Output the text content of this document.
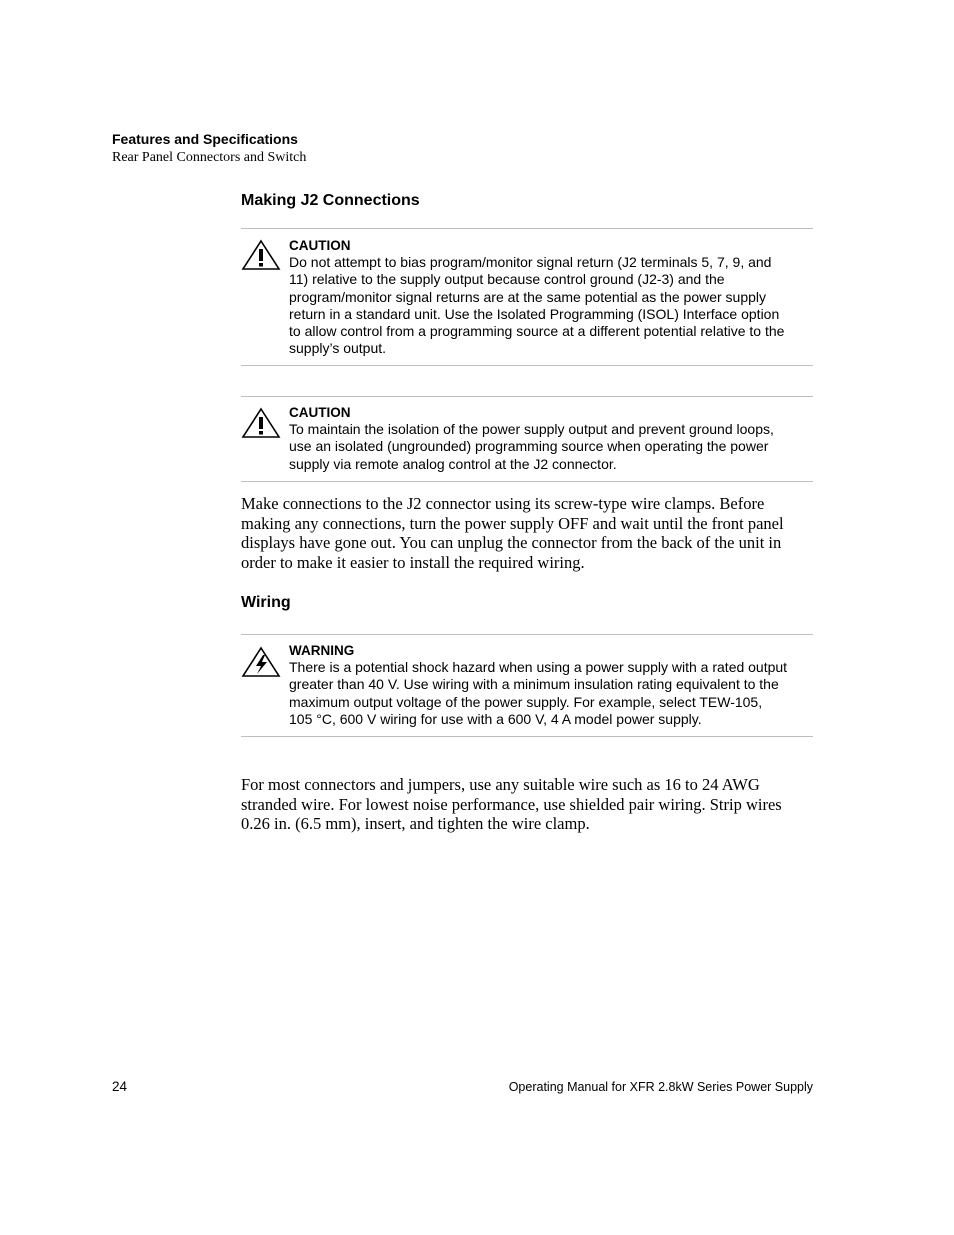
Features and Specifications
Rear Panel Connectors and Switch
Making J2 Connections
CAUTION
Do not attempt to bias program/monitor signal return (J2 terminals 5, 7, 9, and
11) relative to the supply output because control ground (J2-3) and the
program/monitor signal returns are at the same potential as the power supply
return in a standard unit. Use the Isolated Programming (ISOL) Interface option
to allow control from a programming source at a different potential relative to the
supply’s output.
CAUTION
To maintain the isolation of the power supply output and prevent ground loops,
use an isolated (ungrounded) programming source when operating the power
supply via remote analog control at the J2 connector.
Make connections to the J2 connector using its screw-type wire clamps. Before
making any connections, turn the power supply OFF and wait until the front panel
displays have gone out. You can unplug the connector from the back of the unit in
order to make it easier to install the required wiring.
Wiring
WARNING
There is a potential shock hazard when using a power supply with a rated output
greater than 40 V. Use wiring with a minimum insulation rating equivalent to the
maximum output voltage of the power supply. For example, select TEW-105,
105 °C, 600 V wiring for use with a 600 V, 4 A model power supply.
For most connectors and jumpers, use any suitable wire such as 16 to 24 AWG
stranded wire. For lowest noise performance, use shielded pair wiring. Strip wires
0.26 in. (6.5 mm), insert, and tighten the wire clamp.
24	Operating Manual for XFR 2.8kW Series Power Supply
